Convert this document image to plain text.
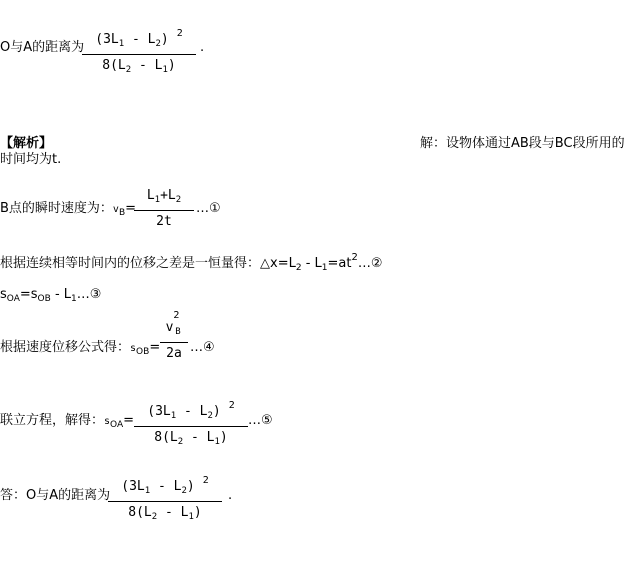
O与A的距离为
$(3L_1 - L_2)$ $^2$
$8(L_2 - L_1)$
.
【解析】	解：设物体通过AB段与BC段所用的
时间均为t.
B点的瞬时速度为：$v_B=$
$L_1+L_2$
2t
…①
根据连续相等时间内的位移之差是一恒量得：$\triangle x=L_2$ - $L_1=at^2\dots ②$
$s_{OA}=s_{OB}$ - $L_1\dots ③$
根据速度位移公式得：$s_{OB}=$
v
2
$_B$
2a …④
联立方程，解得：$s_{OA}=$
$(3L_1 - L_2)$ $^2$
$8(L_2 - L_1)$
…⑤
答：O与A的距离为
$(3L_1 - L_2)$ $^2$
$8(L_2 - L_1)$
.
